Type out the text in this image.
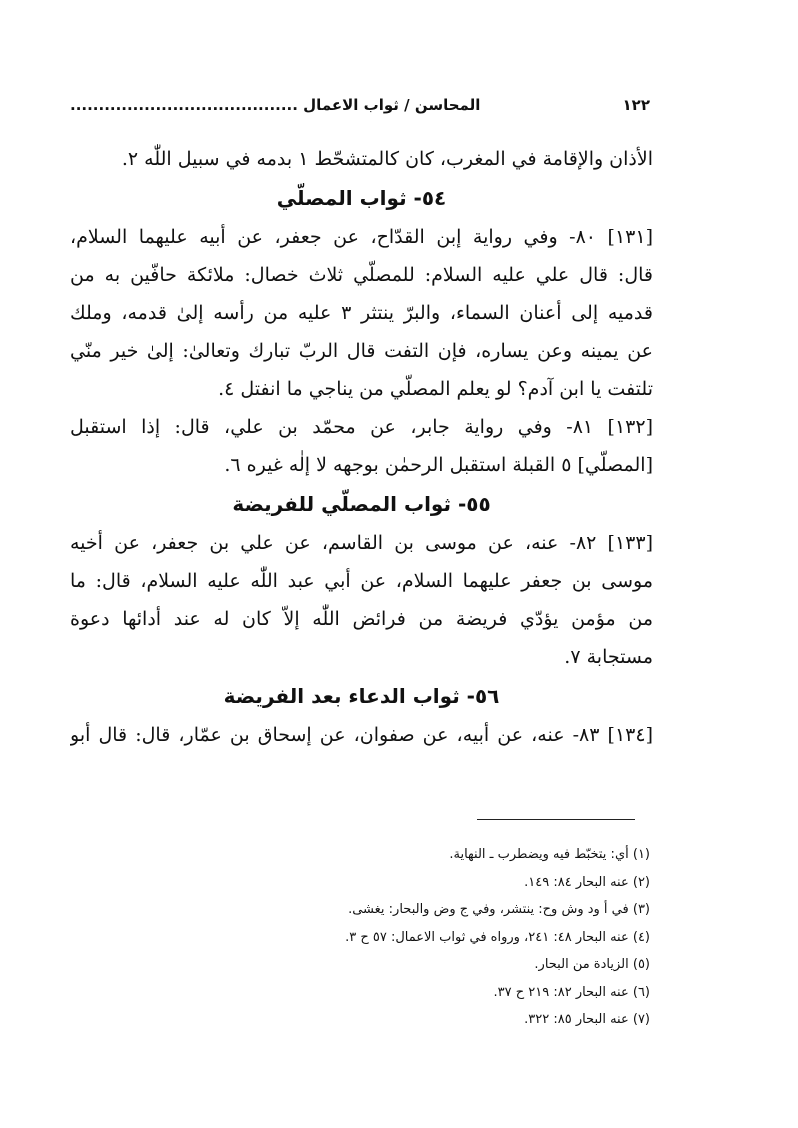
١٢٢
المحاسن / ثواب الاعمال ........................................
الأذان والإقامة في المغرب، كان كالمتشحّط ١ بدمه في سبيل اللّٰه ٢.
٥٤- ثواب المصلّي
[١٣١] ٨٠- وفي رواية إبن القدّاح، عن جعفر، عن أبيه عليهما السلام،
قال: قال علي عليه السلام: للمصلّي ثلاث خصال: ملائكة حافّين به من
قدميه إلى أعنان السماء، والبرّ ينتثر ٣ عليه من رأسه إلىٰ قدمه، وملك
عن يمينه وعن يساره، فإن التفت قال الربّ تبارك وتعالىٰ: إلىٰ خير منّي
تلتفت يا ابن آدم؟ لو يعلم المصلّي من يناجي ما انفتل ٤.
[١٣٢] ٨١- وفي رواية جابر، عن محمّد بن علي، قال: إذا استقبل
[المصلّي] ٥ القبلة استقبل الرحمٰن بوجهه لا إلٰه غيره ٦.
٥٥- ثواب المصلّي للفريضة
[١٣٣] ٨٢- عنه، عن موسى بن القاسم، عن علي بن جعفر، عن أخيه
موسى بن جعفر عليهما السلام، عن أبي عبد اللّٰه عليه السلام، قال: ما
من مؤمن يؤدّي فريضة من فرائض اللّٰه إلاّ كان له عند أدائها دعوة
مستجابة ٧.
٥٦- ثواب الدعاء بعد الفريضة
[١٣٤] ٨٣- عنه، عن أبيه، عن صفوان، عن إسحاق بن عمّار، قال: قال أبو
(١) أي: يتخبّط فيه ويضطرب ـ النهاية.
(٢) عنه البحار ٨٤: ١٤٩.
(٣) في أ ود وش وح: ينتشر، وفي ج وض والبحار: يغشى.
(٤) عنه البحار ٤٨: ٢٤١، ورواه في ثواب الاعمال: ٥٧ ح ٣.
(٥) الزيادة من البحار.
(٦) عنه البحار ٨٢: ٢١٩ ح ٣٧.
(٧) عنه البحار ٨٥: ٣٢٢.
